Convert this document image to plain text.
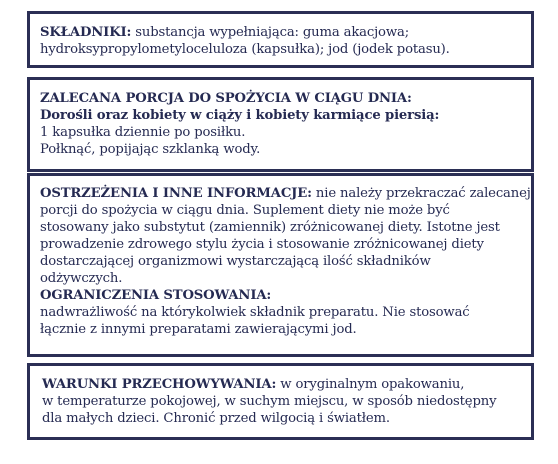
SKŁADNIKI: substancja wypełniająca: guma akacjowa;
hydroksypropylometyloceluloza (kapsułka); jod (jodek potasu).
ZALECANA PORCJA DO SPOŻYCIA W CIĄGU DNIA:
Dorośli oraz kobiety w ciąży i kobiety karmiące piersią:
1 kapsułka dziennie po posiłku.
Połknąć, popijając szklanką wody.
OSTRZEŻENIA I INNE INFORMACJE: nie należy przekraczać zalecanej
porcji do spożycia w ciągu dnia. Suplement diety nie może być
stosowany jako substytut (zamiennik) zróżnicowanej diety. Istotne jest
prowadzenie zdrowego stylu życia i stosowanie zróżnicowanej diety
dostarczającej organizmowi wystarczającą ilość składników
odżywczych.
OGRANICZENIA STOSOWANIA:
nadwrażliwość na którykolwiek składnik preparatu. Nie stosować
łącznie z innymi preparatami zawierającymi jod.
WARUNKI PRZECHOWYWANIA: w oryginalnym opakowaniu,
w temperaturze pokojowej, w suchym miejscu, w sposób niedostępny
dla małych dzieci. Chronić przed wilgocią i światłem.
